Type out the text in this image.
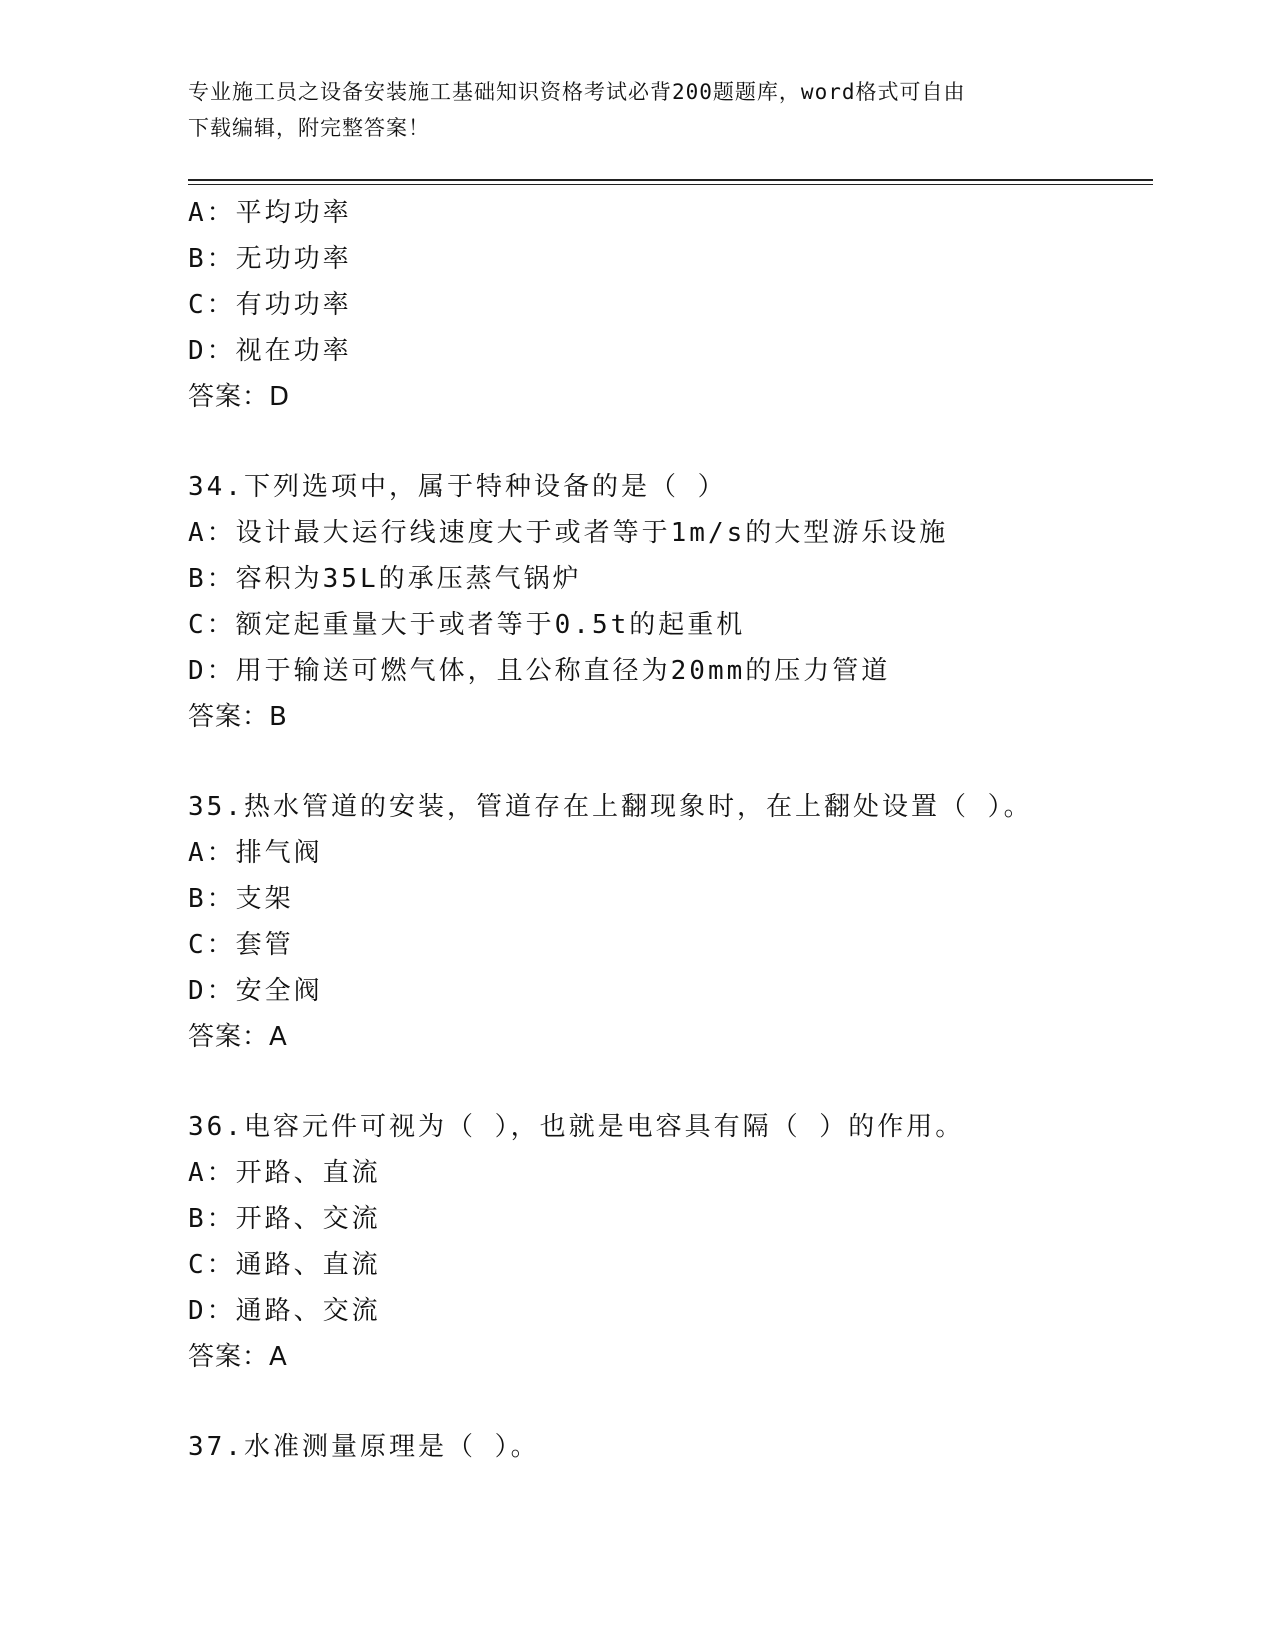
专业施工员之设备安装施工基础知识资格考试必背200题题库，word格式可自由
下载编辑，附完整答案！
A：平均功率
B：无功功率
C：有功功率
D：视在功率
答案：D
34.下列选项中，属于特种设备的是（ ）
A：设计最大运行线速度大于或者等于1m/s的大型游乐设施
B：容积为35L的承压蒸气锅炉
C：额定起重量大于或者等于0.5t的起重机
D：用于输送可燃气体，且公称直径为20mm的压力管道
答案：B
35.热水管道的安装，管道存在上翻现象时，在上翻处设置（ ）。
A：排气阀
B：支架
C：套管
D：安全阀
答案：A
36.电容元件可视为（ ），也就是电容具有隔（ ）的作用。
A：开路、直流
B：开路、交流
C：通路、直流
D：通路、交流
答案：A
37.水准测量原理是（ ）。
